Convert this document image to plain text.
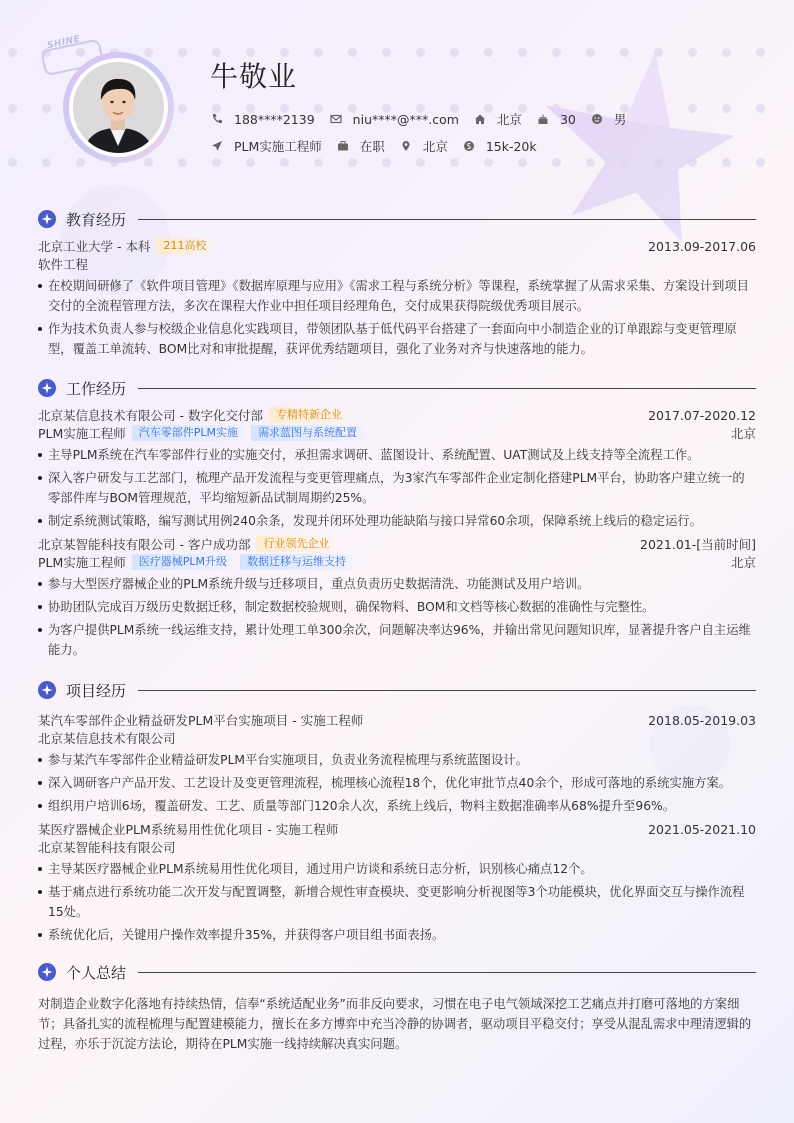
SHINE
牛敬业
188****2139	niu****@***.com	北京	30	男
PLM实施工程师	在职	北京	15k-20k
教育经历
北京工业大学 - 本科	211高校	2013.09-2017.06
软件工程
在校期间研修了《软件项目管理》《数据库原理与应用》《需求工程与系统分析》等课程，系统掌握了从需求采集、方案设计到项目交付的全流程管理方法，多次在课程大作业中担任项目经理角色，交付成果获得院级优秀项目展示。
作为技术负责人参与校级企业信息化实践项目，带领团队基于低代码平台搭建了一套面向中小制造企业的订单跟踪与变更管理原型，覆盖工单流转、BOM比对和审批提醒，获评优秀结题项目，强化了业务对齐与快速落地的能力。
工作经历
北京某信息技术有限公司 - 数字化交付部	专精特新企业	2017.07-2020.12
PLM实施工程师	汽车零部件PLM实施	需求蓝图与系统配置	北京
主导PLM系统在汽车零部件行业的实施交付，承担需求调研、蓝图设计、系统配置、UAT测试及上线支持等全流程工作。
深入客户研发与工艺部门，梳理产品开发流程与变更管理痛点，为3家汽车零部件企业定制化搭建PLM平台，协助客户建立统一的零部件库与BOM管理规范，平均缩短新品试制周期约25%。
制定系统测试策略，编写测试用例240余条，发现并闭环处理功能缺陷与接口异常60余项，保障系统上线后的稳定运行。
北京某智能科技有限公司 - 客户成功部	行业领先企业	2021.01-[当前时间]
PLM实施工程师	医疗器械PLM升级	数据迁移与运维支持	北京
参与大型医疗器械企业的PLM系统升级与迁移项目，重点负责历史数据清洗、功能测试及用户培训。
协助团队完成百万级历史数据迁移，制定数据校验规则，确保物料、BOM和文档等核心数据的准确性与完整性。
为客户提供PLM系统一线运维支持，累计处理工单300余次，问题解决率达96%，并输出常见问题知识库，显著提升客户自主运维能力。
项目经历
某汽车零部件企业精益研发PLM平台实施项目 - 实施工程师	2018.05-2019.03
北京某信息技术有限公司
参与某汽车零部件企业精益研发PLM平台实施项目，负责业务流程梳理与系统蓝图设计。
深入调研客户产品开发、工艺设计及变更管理流程，梳理核心流程18个，优化审批节点40余个，形成可落地的系统实施方案。
组织用户培训6场，覆盖研发、工艺、质量等部门120余人次，系统上线后，物料主数据准确率从68%提升至96%。
某医疗器械企业PLM系统易用性优化项目 - 实施工程师	2021.05-2021.10
北京某智能科技有限公司
主导某医疗器械企业PLM系统易用性优化项目，通过用户访谈和系统日志分析，识别核心痛点12个。
基于痛点进行系统功能二次开发与配置调整，新增合规性审查模块、变更影响分析视图等3个功能模块，优化界面交互与操作流程15处。
系统优化后，关键用户操作效率提升35%，并获得客户项目组书面表扬。
个人总结

对制造企业数字化落地有持续热情，信奉“系统适配业务”而非反向要求，习惯在电子电气领域深挖工艺痛点并打磨可落地的方案细节；具备扎实的流程梳理与配置建模能力，擅长在多方博弈中充当冷静的协调者，驱动项目平稳交付；享受从混乱需求中理清逻辑的过程，亦乐于沉淀方法论，期待在PLM实施一线持续解决真实问题。
